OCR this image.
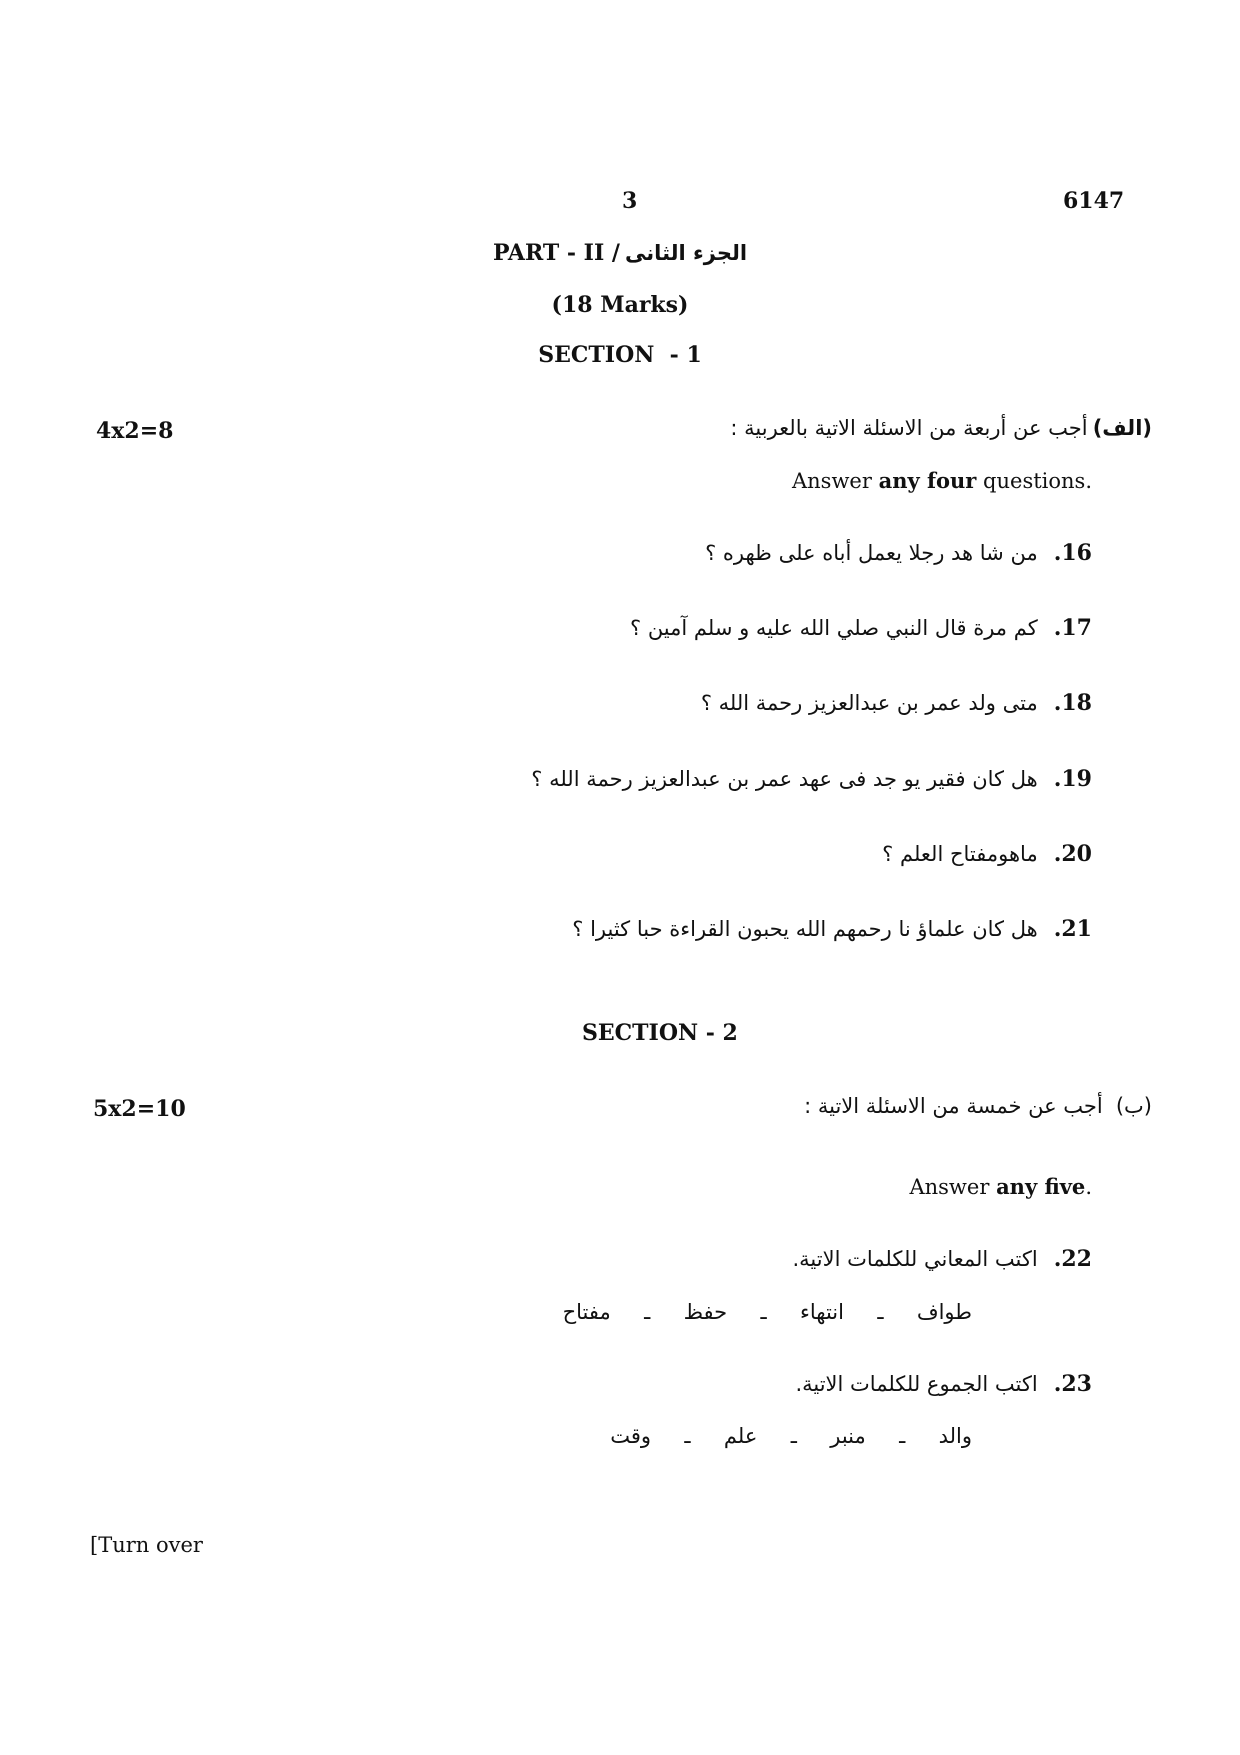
3	6147
PART - II / الجزء الثانى
(18 Marks)
SECTION  - 1
4x2=8	(الف) أجب عن أربعة من الاسئلة الاتية بالعربية :
Answer any four questions.
16.من شا هد رجلا يعمل أباه على ظهره ؟
17.كم مرة قال النبي صلي الله عليه و سلم آمين ؟
18.متى ولد عمر بن عبدالعزيز رحمة الله ؟
19.هل كان فقير يو جد فى عهد عمر بن عبدالعزيز رحمة الله ؟
20.ماهومفتاح العلم ؟
21.هل كان علماؤ نا رحمهم الله يحبون القراءة حبا كثيرا ؟
SECTION - 2
5x2=10	(ب) أجب عن خمسة من الاسئلة الاتية :
Answer any five.
22.اكتب المعاني للكلمات الاتية.
طواف  ـ  انتهاء  ـ  حفظ  ـ  مفتاح
23.اكتب الجموع للكلمات الاتية.
والد  ـ  منبر  ـ  علم  ـ  وقت
[Turn over
